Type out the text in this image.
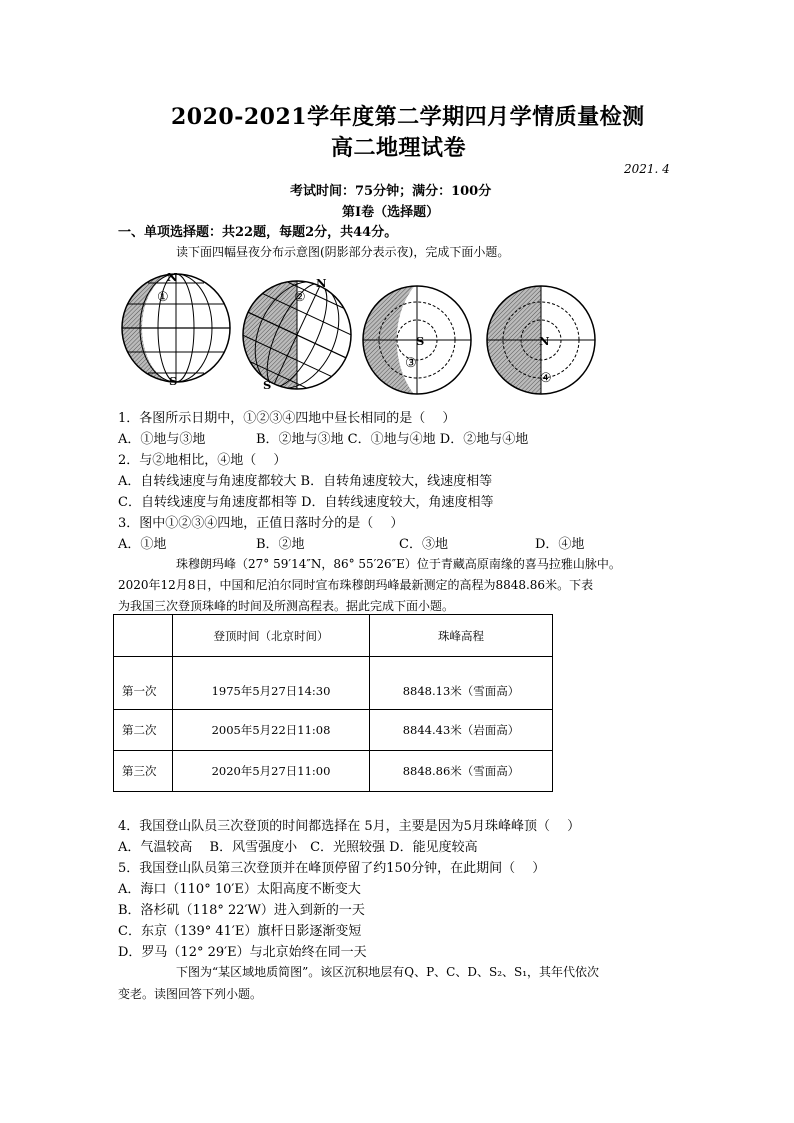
2020-2021学年度第二学期四月学情质量检测
高二地理试卷
2021. 4
考试时间：75分钟；满分：100分
第Ⅰ卷（选择题）
一、单项选择题：共22题，每题2分，共44分。
读下面四幅昼夜分布示意图(阴影部分表示夜)，完成下面小题。
N
S
①
N
S
②
S
③
N
④
1．各图所示日期中，①②③④四地中昼长相同的是（　 ）
A．①地与③地	B．②地与③地 C．①地与④地 D．②地与④地
2．与②地相比，④地（　 ）
A．自转线速度与角速度都较大 B．自转角速度较大，线速度相等
C．自转线速度与角速度都相等 D．自转线速度较大，角速度相等
3．图中①②③④四地，正值日落时分的是（　 ）
A．①地	B．②地	C．③地	D．④地
珠穆朗玛峰（27° 59′14″N，86° 55′26″E）位于青藏高原南缘的喜马拉雅山脉中。
2020年12月8日，中国和尼泊尔同时宣布珠穆朗玛峰最新测定的高程为8848.86米。下表
为我国三次登顶珠峰的时间及所测高程表。据此完成下面小题。
	登顶时间（北京时间）	珠峰高程
第一次	1975年5月27日14:30	8848.13米（雪面高）
第二次	2005年5月22日11:08	8844.43米（岩面高）
第三次	2020年5月27日11:00	8848.86米（雪面高）
4．我国登山队员三次登顶的时间都选择在 5月，主要是因为5月珠峰峰顶（　 ）
A．气温较高　 B．风雪强度小　C．光照较强 D．能见度较高
5．我国登山队员第三次登顶并在峰顶停留了约150分钟，在此期间（　 ）
A．海口（110° 10′E）太阳高度不断变大
B．洛杉矶（118° 22′W）进入到新的一天
C．东京（139° 41′E）旗杆日影逐渐变短
D．罗马（12° 29′E）与北京始终在同一天
下图为“某区域地质简图”。该区沉积地层有Q、P、C、D、S₂、S₁，其年代依次
变老。读图回答下列小题。
